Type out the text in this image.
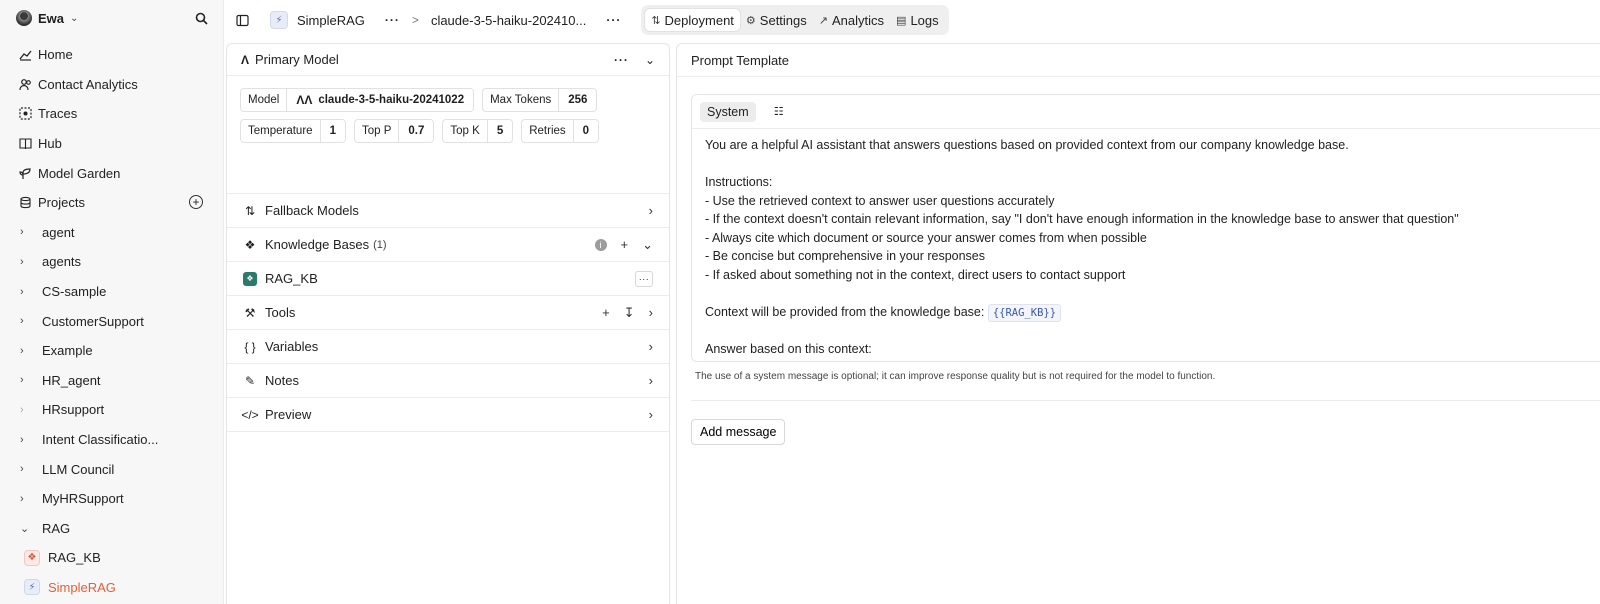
Ewa ⌄
Home
Contact Analytics
Traces
Hub
Model Garden
Projects	+
›	agent
›	agents
›	CS-sample
›	CustomerSupport
›	Example
›	HR_agent
›	HRsupport
›	Intent Classificatio...
›	LLM Council
›	MyHRSupport
⌄ RAG
❖ RAG_KB
⚡ SimpleRAG
⚡	SimpleRAG ··· > claude-3-5-haiku-202410... ···	⇅ Deployment ⚙ Settings ↗ Analytics ▤ Logs
Λ Primary Model	··· ⌄
Model	ΛΛ claude-3-5-haiku-20241022	Max Tokens	256
Temperature	1	Top P	0.7	Top K	5	Retries	0
⇅ Fallback Models	›
❖ Knowledge Bases (1)	i	+ ⌄
❖ RAG_KB	···
⚒ Tools	+ ↧ ›
{ } Variables	›
✎ Notes	›
</> Preview	›
Prompt Template
System	☷
You are a helpful AI assistant that answers questions based on provided context from our company knowledge base.

Instructions:
- Use the retrieved context to answer user questions accurately
- If the context doesn't contain relevant information, say "I don't have enough information in the knowledge base to answer that question"
- Always cite which document or source your answer comes from when possible
- Be concise but comprehensive in your responses
- If asked about something not in the context, direct users to contact support

Context will be provided from the knowledge base: {{RAG_KB}}

Answer based on this context:
The use of a system message is optional; it can improve response quality but is not required for the model to function.
Add message
